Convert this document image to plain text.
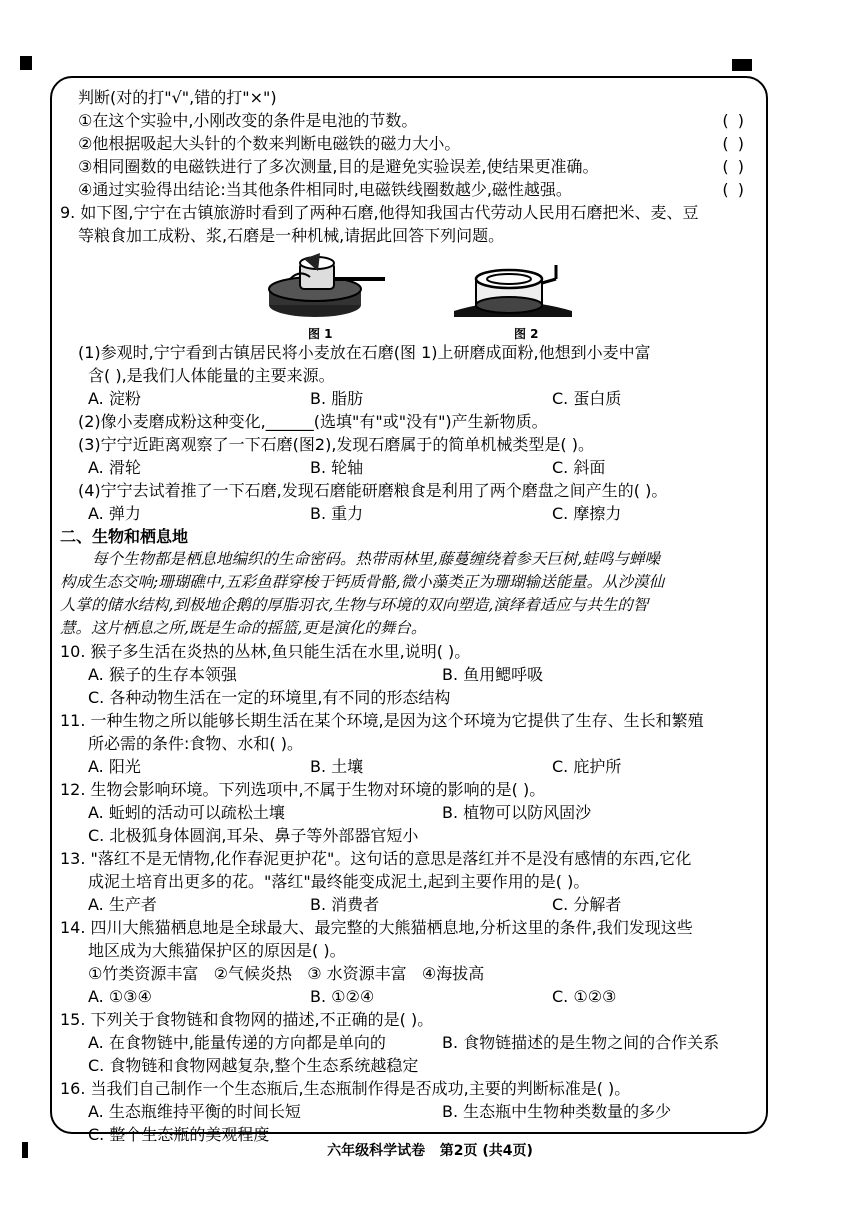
判断(对的打"√",错的打"×")
①在这个实验中,小刚改变的条件是电池的节数。	( )
②他根据吸起大头针的个数来判断电磁铁的磁力大小。	( )
③相同圈数的电磁铁进行了多次测量,目的是避免实验误差,使结果更准确。	( )
④通过实验得出结论:当其他条件相同时,电磁铁线圈数越少,磁性越强。	( )
9. 如下图,宁宁在古镇旅游时看到了两种石磨,他得知我国古代劳动人民用石磨把米、麦、豆
等粮食加工成粉、浆,石磨是一种机械,请据此回答下列问题。
图 1	图 2
(1)参观时,宁宁看到古镇居民将小麦放在石磨(图 1)上研磨成面粉,他想到小麦中富
含( ),是我们人体能量的主要来源。
A. 淀粉	B. 脂肪	C. 蛋白质
(2)像小麦磨成粉这种变化,______(选填"有"或"没有")产生新物质。
(3)宁宁近距离观察了一下石磨(图2),发现石磨属于的简单机械类型是( )。
A. 滑轮	B. 轮轴	C. 斜面
(4)宁宁去试着推了一下石磨,发现石磨能研磨粮食是利用了两个磨盘之间产生的( )。
A. 弹力	B. 重力	C. 摩擦力
二、生物和栖息地
每个生物都是栖息地编织的生命密码。热带雨林里,藤蔓缠绕着参天巨树,蛙鸣与蝉噪
构成生态交响;珊瑚礁中,五彩鱼群穿梭于钙质骨骼,微小藻类正为珊瑚输送能量。从沙漠仙
人掌的储水结构,到极地企鹅的厚脂羽衣,生物与环境的双向塑造,演绎着适应与共生的智
慧。这片栖息之所,既是生命的摇篮,更是演化的舞台。
10. 猴子多生活在炎热的丛林,鱼只能生活在水里,说明( )。
A. 猴子的生存本领强	B. 鱼用鳃呼吸
C. 各种动物生活在一定的环境里,有不同的形态结构
11. 一种生物之所以能够长期生活在某个环境,是因为这个环境为它提供了生存、生长和繁殖
所必需的条件:食物、水和( )。
A. 阳光	B. 土壤	C. 庇护所
12. 生物会影响环境。下列选项中,不属于生物对环境的影响的是( )。
A. 蚯蚓的活动可以疏松土壤	B. 植物可以防风固沙
C. 北极狐身体圆润,耳朵、鼻子等外部器官短小
13. "落红不是无情物,化作春泥更护花"。这句话的意思是落红并不是没有感情的东西,它化
成泥土培育出更多的花。"落红"最终能变成泥土,起到主要作用的是( )。
A. 生产者	B. 消费者	C. 分解者
14. 四川大熊猫栖息地是全球最大、最完整的大熊猫栖息地,分析这里的条件,我们发现这些
地区成为大熊猫保护区的原因是( )。
①竹类资源丰富   ②气候炎热   ③ 水资源丰富   ④海拔高
A. ①③④	B. ①②④	C. ①②③
15. 下列关于食物链和食物网的描述,不正确的是( )。
A. 在食物链中,能量传递的方向都是单向的	B. 食物链描述的是生物之间的合作关系
C. 食物链和食物网越复杂,整个生态系统越稳定
16. 当我们自己制作一个生态瓶后,生态瓶制作得是否成功,主要的判断标准是( )。
A. 生态瓶维持平衡的时间长短	B. 生态瓶中生物种类数量的多少
C. 整个生态瓶的美观程度
六年级科学试卷   第2页 (共4页)
